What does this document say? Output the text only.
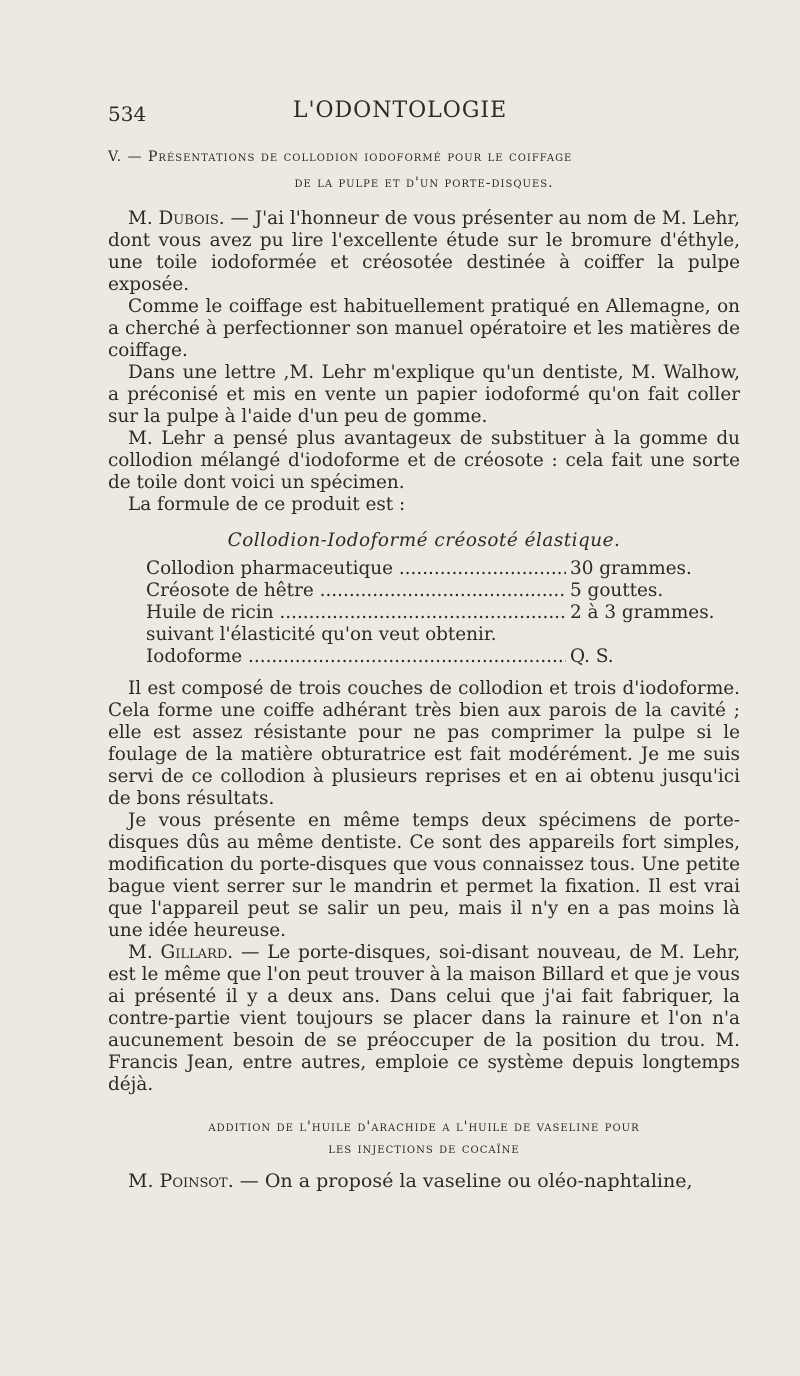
534	L'ODONTOLOGIE
V. — Présentations de collodion iodoformé pour le coiffage
de la pulpe et d'un porte-disques.

M. Dubois. — J'ai l'honneur de vous présenter au nom de M. Lehr, dont vous avez pu lire l'excellente étude sur le bromure d'éthyle, une toile iodoformée et créosotée destinée à coiffer la pulpe exposée.

Comme le coiffage est habituellement pratiqué en Allemagne, on a cherché à perfectionner son manuel opératoire et les matières de coiffage.

Dans une lettre ,M. Lehr m'explique qu'un dentiste, M. Walhow, a préconisé et mis en vente un papier iodoformé qu'on fait coller sur la pulpe à l'aide d'un peu de gomme.

M. Lehr a pensé plus avantageux de substituer à la gomme du collodion mélangé d'iodoforme et de créosote : cela fait une sorte de toile dont voici un spécimen.

La formule de ce produit est :

Collodion-Iodoformé créosoté élastique.
Collodion pharmaceutique .....	30 grammes.
Créosote de hêtre .....	5 gouttes.
Huile de ricin .....	2 à 3 grammes.
suivant l'élasticité qu'on veut obtenir.
Iodoforme .....	Q. S.

Il est composé de trois couches de collodion et trois d'iodoforme. Cela forme une coiffe adhérant très bien aux parois de la cavité ; elle est assez résistante pour ne pas comprimer la pulpe si le foulage de la matière obturatrice est fait modérément. Je me suis servi de ce collodion à plusieurs reprises et en ai obtenu jusqu'ici de bons résultats.

Je vous présente en même temps deux spécimens de porte-disques dûs au même dentiste. Ce sont des appareils fort simples, modification du porte-disques que vous connaissez tous. Une petite bague vient serrer sur le mandrin et permet la fixation. Il est vrai que l'appareil peut se salir un peu, mais il n'y en a pas moins là une idée heureuse.

M. Gillard. — Le porte-disques, soi-disant nouveau, de M. Lehr, est le même que l'on peut trouver à la maison Billard et que je vous ai présenté il y a deux ans. Dans celui que j'ai fait fabriquer, la contre-partie vient toujours se placer dans la rainure et l'on n'a aucunement besoin de se préoccuper de la position du trou. M. Francis Jean, entre autres, emploie ce système depuis longtemps déjà.

addition de l'huile d'arachide a l'huile de vaseline pour
les injections de cocaïne

M. Poinsot. — On a proposé la vaseline ou oléo-naphtaline,
